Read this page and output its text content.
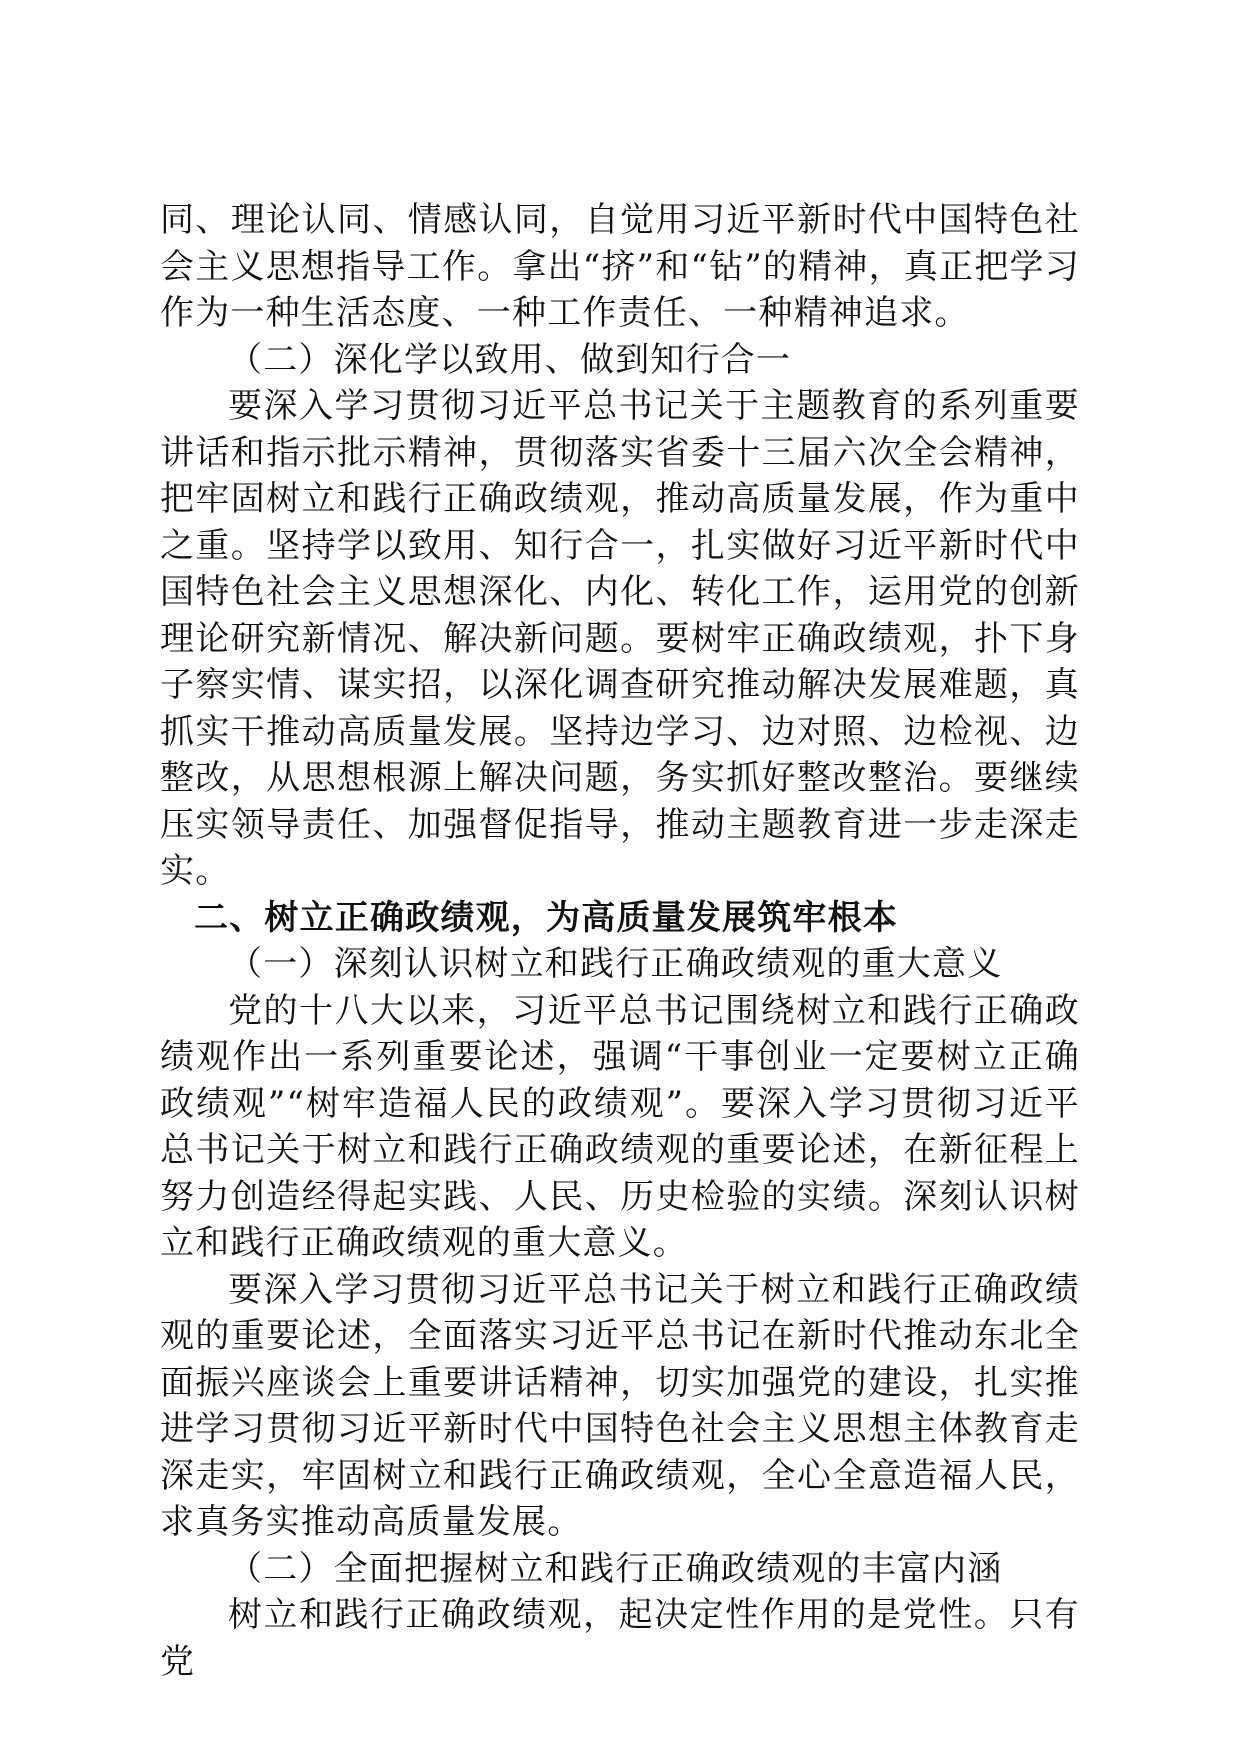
同、理论认同、情感认同，自觉用习近平新时代中国特色社会主义思想指导工作。拿出“挤”和“钻”的精神，真正把学习作为一种生活态度、一种工作责任、一种精神追求。

（二）深化学以致用、做到知行合一

要深入学习贯彻习近平总书记关于主题教育的系列重要讲话和指示批示精神，贯彻落实省委十三届六次全会精神，把牢固树立和践行正确政绩观，推动高质量发展，作为重中之重。坚持学以致用、知行合一，扎实做好习近平新时代中国特色社会主义思想深化、内化、转化工作，运用党的创新理论研究新情况、解决新问题。要树牢正确政绩观，扑下身子察实情、谋实招，以深化调查研究推动解决发展难题，真抓实干推动高质量发展。坚持边学习、边对照、边检视、边整改，从思想根源上解决问题，务实抓好整改整治。要继续压实领导责任、加强督促指导，推动主题教育进一步走深走实。

二、树立正确政绩观，为高质量发展筑牢根本

（一）深刻认识树立和践行正确政绩观的重大意义

党的十八大以来，习近平总书记围绕树立和践行正确政绩观作出一系列重要论述，强调“干事创业一定要树立正确政绩观”“树牢造福人民的政绩观”。要深入学习贯彻习近平总书记关于树立和践行正确政绩观的重要论述，在新征程上努力创造经得起实践、人民、历史检验的实绩。深刻认识树立和践行正确政绩观的重大意义。

要深入学习贯彻习近平总书记关于树立和践行正确政绩观的重要论述，全面落实习近平总书记在新时代推动东北全面振兴座谈会上重要讲话精神，切实加强党的建设，扎实推进学习贯彻习近平新时代中国特色社会主义思想主体教育走深走实，牢固树立和践行正确政绩观，全心全意造福人民，求真务实推动高质量发展。

（二）全面把握树立和践行正确政绩观的丰富内涵

树立和践行正确政绩观，起决定性作用的是党性。只有党
